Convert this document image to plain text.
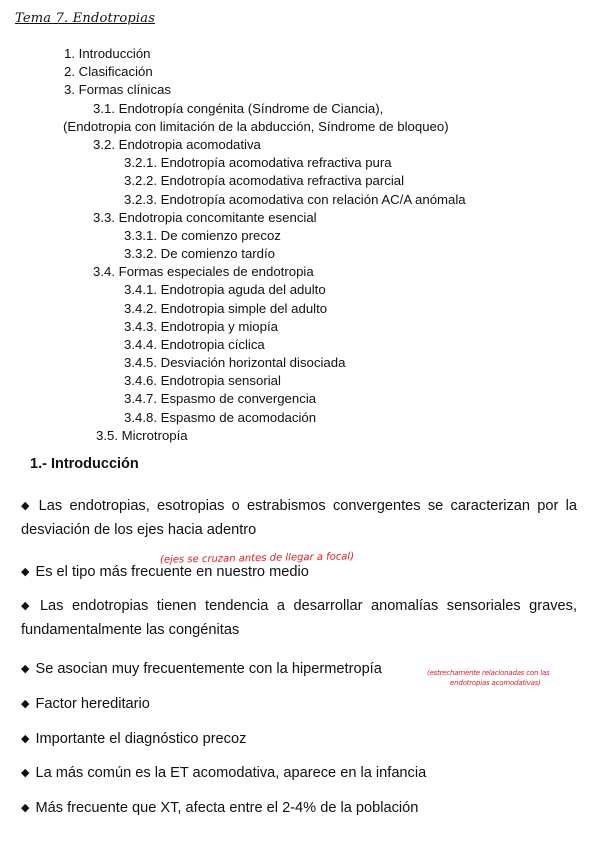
Tema 7. Endotropias
1. Introducción
2. Clasificación
3. Formas clínicas
3.1. Endotropía congénita (Síndrome de Ciancia),
(Endotropia con limitación de la abducción, Síndrome de bloqueo)
3.2. Endotropia acomodativa
3.2.1. Endotropía acomodativa refractiva pura
3.2.2. Endotropía acomodativa refractiva parcial
3.2.3. Endotropía acomodativa con relación AC/A anómala
3.3. Endotropia concomitante esencial
3.3.1. De comienzo precoz
3.3.2. De comienzo tardío
3.4. Formas especiales de endotropia
3.4.1. Endotropia aguda del adulto
3.4.2. Endotropia simple del adulto
3.4.3. Endotropia y miopía
3.4.4. Endotropia cíclica
3.4.5. Desviación horizontal disociada
3.4.6. Endotropia sensorial
3.4.7. Espasmo de convergencia
3.4.8. Espasmo de acomodación
3.5. Microtropía
1.- Introducción
◆ Las endotropias, esotropias o estrabismos convergentes se caracterizan por la desviación de los ejes hacia adentro
◆ Es el tipo más frecuente en nuestro medio
◆ Las endotropias tienen tendencia a desarrollar anomalías sensoriales graves, fundamentalmente las congénitas
◆ Se asocian muy frecuentemente con la hipermetropía
◆ Factor hereditario
◆ Importante el diagnóstico precoz
◆ La más común es la ET acomodativa, aparece en la infancia
◆ Más frecuente que XT, afecta entre el 2-4% de la población
(ejes se cruzan antes de llegar a focal)
(estrechamente relacionadas con las
endotropias acomodativas)
